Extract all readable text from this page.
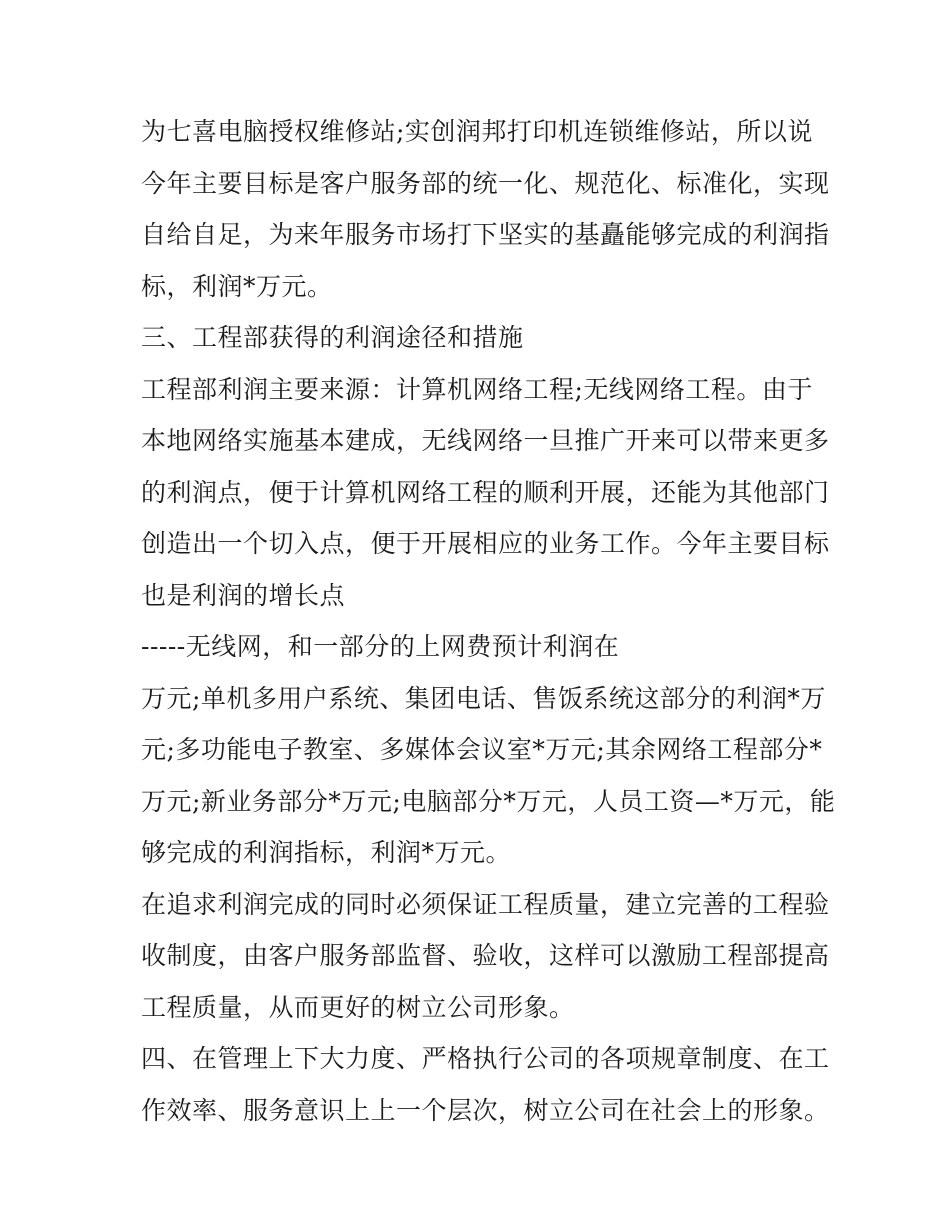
为七喜电脑授权维修站;实创润邦打印机连锁维修站，所以说
今年主要目标是客户服务部的统一化、规范化、标准化，实现
自给自足，为来年服务市场打下坚实的基矗能够完成的利润指
标，利润*万元。
三、工程部获得的利润途径和措施
工程部利润主要来源：计算机网络工程;无线网络工程。由于
本地网络实施基本建成，无线网络一旦推广开来可以带来更多
的利润点，便于计算机网络工程的顺利开展，还能为其他部门
创造出一个切入点，便于开展相应的业务工作。今年主要目标
也是利润的增长点
-----无线网，和一部分的上网费预计利润在
万元;单机多用户系统、集团电话、售饭系统这部分的利润*万
元;多功能电子教室、多媒体会议室*万元;其余网络工程部分*
万元;新业务部分*万元;电脑部分*万元，人员工资—*万元，能
够完成的利润指标，利润*万元。
在追求利润完成的同时必须保证工程质量，建立完善的工程验
收制度，由客户服务部监督、验收，这样可以激励工程部提高
工程质量，从而更好的树立公司形象。
四、在管理上下大力度、严格执行公司的各项规章制度、在工
作效率、服务意识上上一个层次，树立公司在社会上的形象。
